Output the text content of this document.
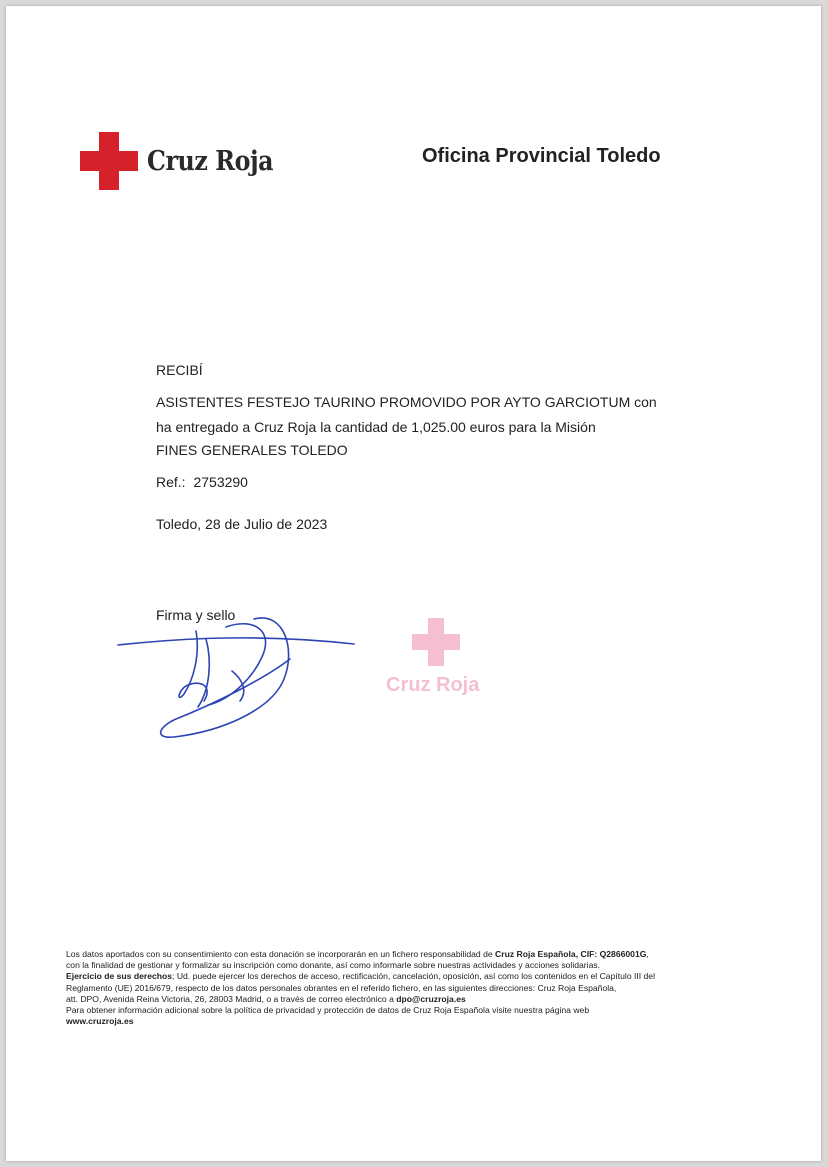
Cruz Roja	Oficina Provincial Toledo
RECIBÍ
ASISTENTES FESTEJO TAURINO PROMOVIDO POR AYTO GARCIOTUM con
ha entregado a Cruz Roja la cantidad de 1,025.00 euros para la Misión
FINES GENERALES TOLEDO
Ref.: 2753290
Toledo, 28 de Julio de 2023
Firma y sello
Cruz Roja
Los datos aportados con su consentimiento con esta donación se incorporarán en un fichero responsabilidad de Cruz Roja Española, CIF: Q2866001G,
con la finalidad de gestionar y formalizar su inscripción como donante, así como informarle sobre nuestras actividades y acciones solidarias.
Ejercicio de sus derechos; Ud. puede ejercer los derechos de acceso, rectificación, cancelación, oposición, así como los contenidos en el Capítulo III del
Reglamento (UE) 2016/679, respecto de los datos personales obrantes en el referido fichero, en las siguientes direcciones: Cruz Roja Española,
att. DPO, Avenida Reina Victoria, 26, 28003 Madrid, o a través de correo electrónico a dpo@cruzroja.es
Para obtener información adicional sobre la política de privacidad y protección de datos de Cruz Roja Española visite nuestra página web
www.cruzroja.es
